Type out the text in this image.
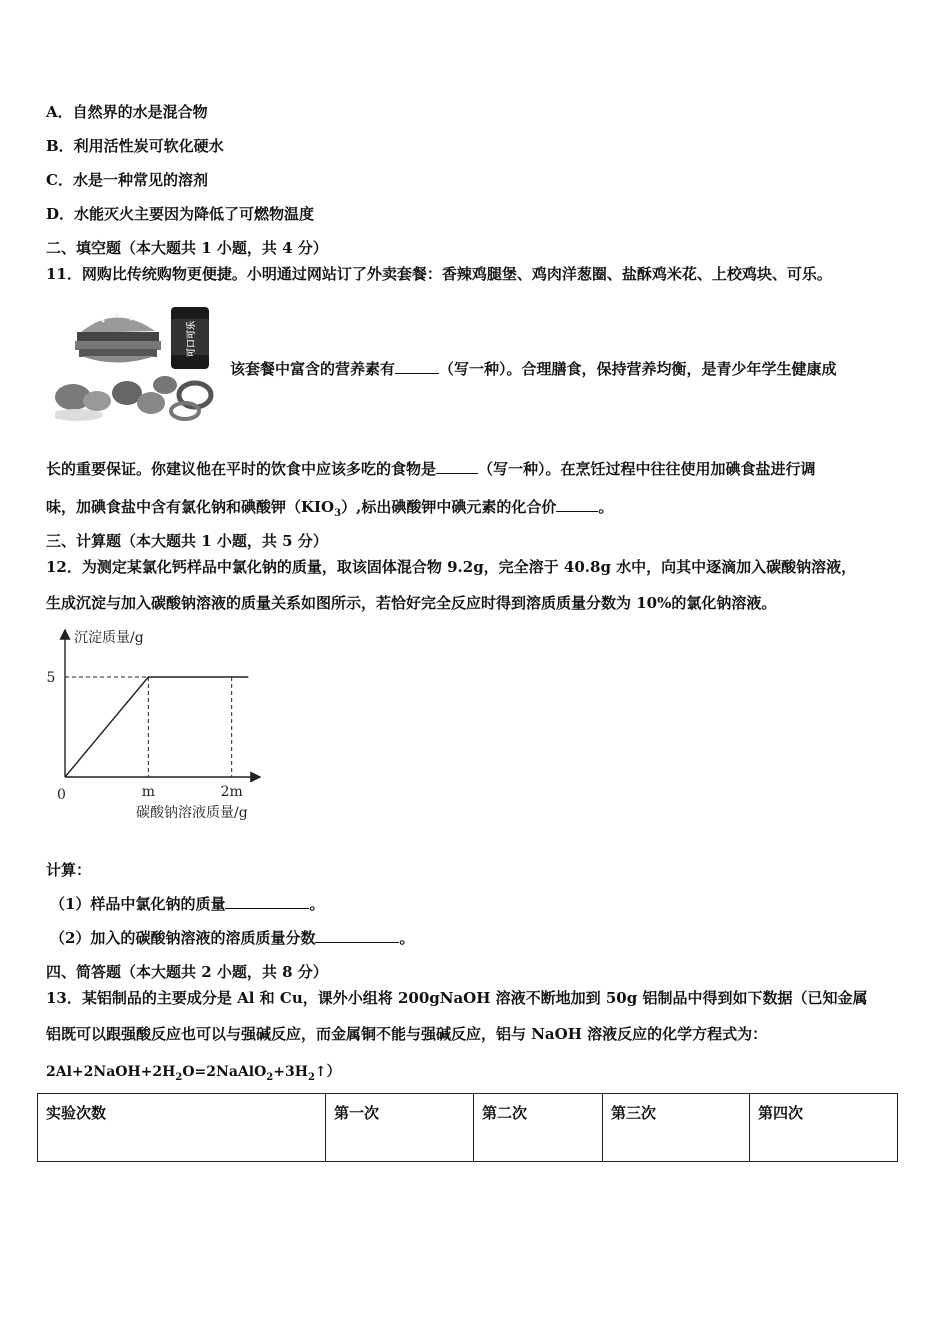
A．自然界的水是混合物
B．利用活性炭可软化硬水
C．水是一种常见的溶剂
D．水能灭火主要因为降低了可燃物温度
二、填空题（本大题共 1 小题，共 4 分）
11．网购比传统购物更便捷。小明通过网站订了外卖套餐：香辣鸡腿堡、鸡肉洋葱圈、盐酥鸡米花、上校鸡块、可乐。
可口可乐
该套餐中富含的营养素有	（写一种）。合理膳食，保持营养均衡，是青少年学生健康成
长的重要保证。你建议他在平时的饮食中应该多吃的食物是	（写一种）。在烹饪过程中往往使用加碘食盐进行调
味，加碘食盐中含有氯化钠和碘酸钾$(KIO_3)$,标出碘酸钾中碘元素的化合价	。
三、计算题（本大题共 1 小题，共 5 分）
12．为测定某氯化钙样品中氯化钠的质量，取该固体混合物 9.2g，完全溶于 40.8g 水中，向其中逐滴加入碳酸钠溶液，
生成沉淀与加入碳酸钠溶液的质量关系如图所示，若恰好完全反应时得到溶质质量分数为 10%的氯化钠溶液。
沉淀质量/g
碳酸钠溶液质量/g
0	m	2m
5
计算：
（1）样品中氯化钠的质量	。
（2）加入的碳酸钠溶液的溶质质量分数	。
四、简答题（本大题共 2 小题，共 8 分）
13．某铝制品的主要成分是 Al 和 Cu，课外小组将 200gNaOH 溶液不断地加到 50g 铝制品中得到如下数据（已知金属
铝既可以跟强酸反应也可以与强碱反应，而金属铜不能与强碱反应，铝与 NaOH 溶液反应的化学方程式为：
$2Al+2NaOH+2H_2O=2NaAlO_2+3H_2↑$）
实验次数	第一次	第二次	第三次	第四次
